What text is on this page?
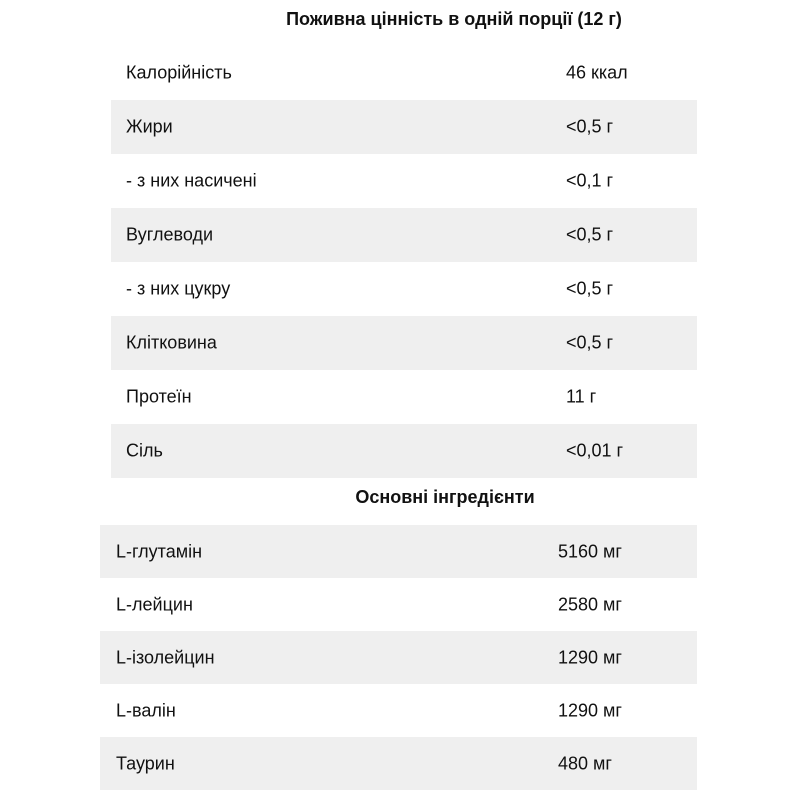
Поживна цінність в одній порції (12 г)
Калорійність	46 ккал
Жири	<0,5 г
- з них насичені	<0,1 г
Вуглеводи	<0,5 г
- з них цукру	<0,5 г
Клітковина	<0,5 г
Протеїн	11 г
Сіль	<0,01 г
Основні інгредієнти
L-глутамін	5160 мг
L-лейцин	2580 мг
L-ізолейцин	1290 мг
L-валін	1290 мг
Таурин	480 мг
